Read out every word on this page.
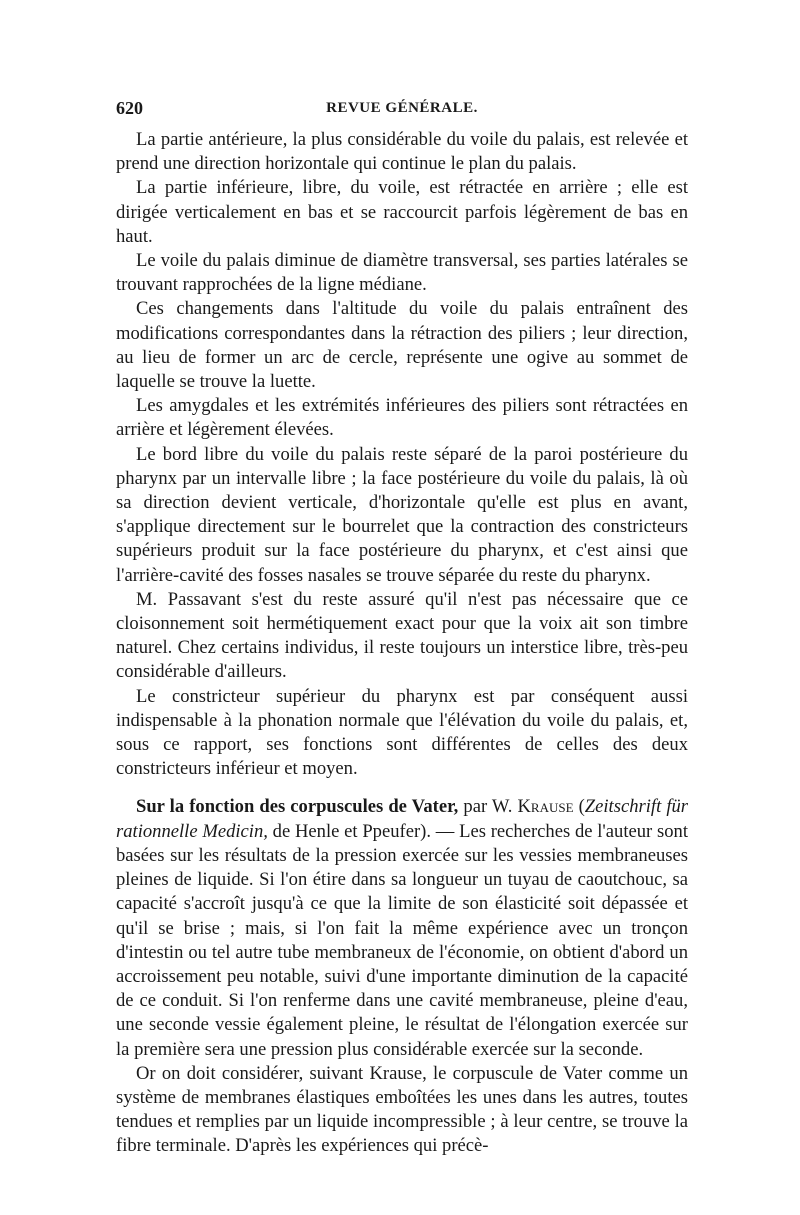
620	REVUE GÉNÉRALE.

La partie antérieure, la plus considérable du voile du palais, est relevée et prend une direction horizontale qui continue le plan du palais.

La partie inférieure, libre, du voile, est rétractée en arrière ; elle est dirigée verticalement en bas et se raccourcit parfois légèrement de bas en haut.

Le voile du palais diminue de diamètre transversal, ses parties latérales se trouvant rapprochées de la ligne médiane.

Ces changements dans l'altitude du voile du palais entraînent des modifications correspondantes dans la rétraction des piliers ; leur direction, au lieu de former un arc de cercle, représente une ogive au sommet de laquelle se trouve la luette.

Les amygdales et les extrémités inférieures des piliers sont rétractées en arrière et légèrement élevées.

Le bord libre du voile du palais reste séparé de la paroi postérieure du pharynx par un intervalle libre ; la face postérieure du voile du palais, là où sa direction devient verticale, d'horizontale qu'elle est plus en avant, s'applique directement sur le bourrelet que la contraction des constricteurs supérieurs produit sur la face postérieure du pharynx, et c'est ainsi que l'arrière-cavité des fosses nasales se trouve séparée du reste du pharynx.

M. Passavant s'est du reste assuré qu'il n'est pas nécessaire que ce cloisonnement soit hermétiquement exact pour que la voix ait son timbre naturel. Chez certains individus, il reste toujours un interstice libre, très-peu considérable d'ailleurs.

Le constricteur supérieur du pharynx est par conséquent aussi indispensable à la phonation normale que l'élévation du voile du palais, et, sous ce rapport, ses fonctions sont différentes de celles des deux constricteurs inférieur et moyen.

Sur la fonction des corpuscules de Vater, par W. Krause (Zeitschrift für rationnelle Medicin, de Henle et Ppeufer). — Les recherches de l'auteur sont basées sur les résultats de la pression exercée sur les vessies membraneuses pleines de liquide. Si l'on étire dans sa longueur un tuyau de caoutchouc, sa capacité s'accroît jusqu'à ce que la limite de son élasticité soit dépassée et qu'il se brise ; mais, si l'on fait la même expérience avec un tronçon d'intestin ou tel autre tube membraneux de l'économie, on obtient d'abord un accroissement peu notable, suivi d'une importante diminution de la capacité de ce conduit. Si l'on renferme dans une cavité membraneuse, pleine d'eau, une seconde vessie également pleine, le résultat de l'élongation exercée sur la première sera une pression plus considérable exercée sur la seconde.

Or on doit considérer, suivant Krause, le corpuscule de Vater comme un système de membranes élastiques emboîtées les unes dans les autres, toutes tendues et remplies par un liquide incompressible ; à leur centre, se trouve la fibre terminale. D'après les expériences qui précè-
